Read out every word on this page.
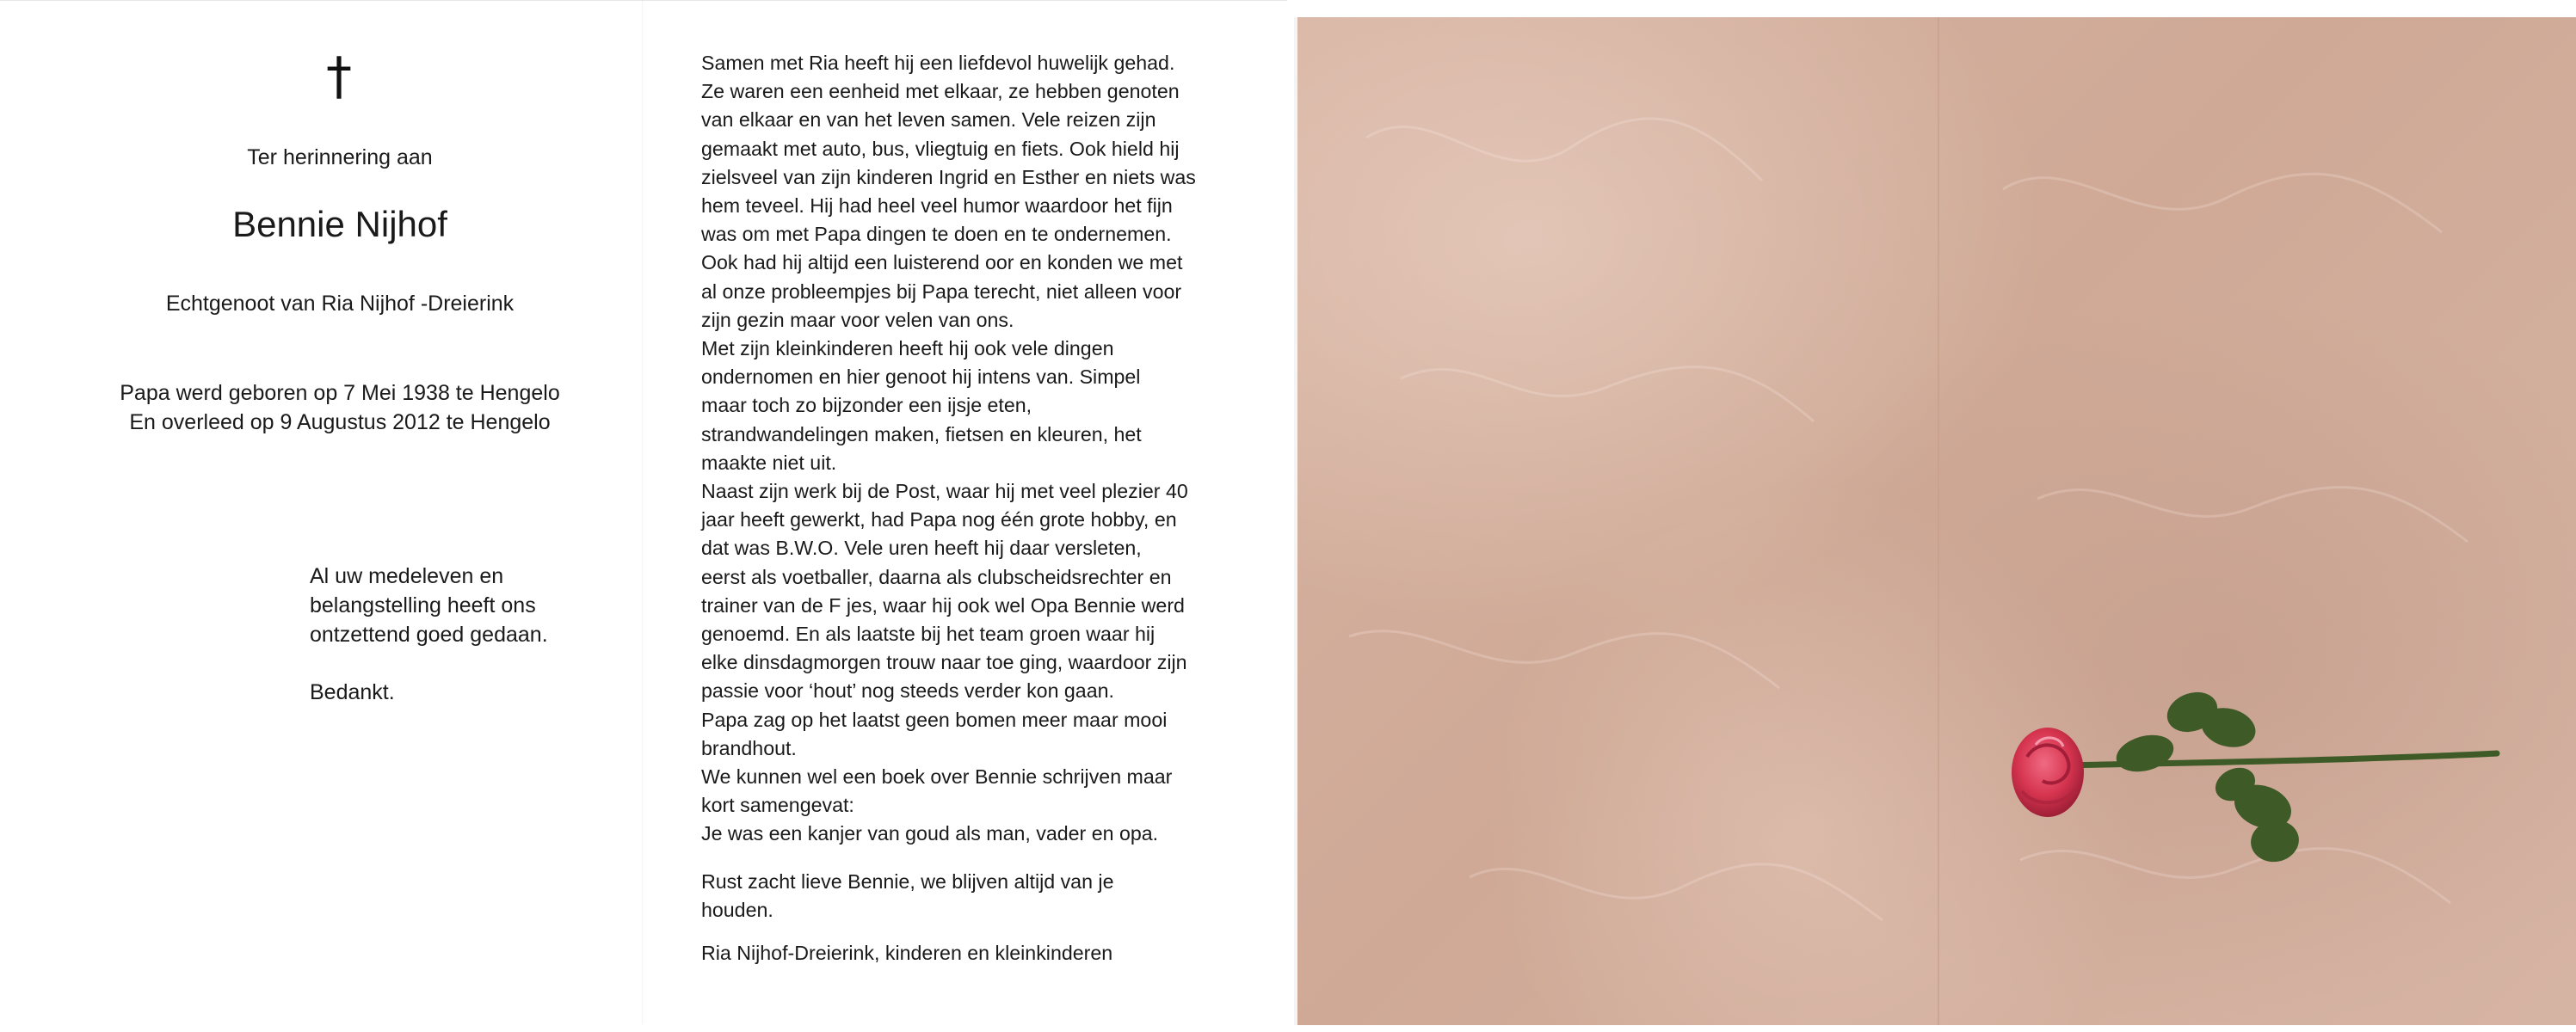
†
Ter herinnering aan
Bennie Nijhof
Echtgenoot van Ria Nijhof -Dreierink
Papa werd geboren op 7 Mei 1938 te Hengelo
En overleed op 9 Augustus 2012 te Hengelo
Al uw medeleven en
belangstelling heeft ons
ontzettend goed gedaan.
Bedankt.
Samen met Ria heeft hij een liefdevol huwelijk gehad.
Ze waren een eenheid met elkaar, ze hebben genoten
van elkaar en van het leven samen. Vele reizen zijn
gemaakt met auto, bus, vliegtuig en fiets. Ook hield hij
zielsveel van zijn kinderen Ingrid en Esther en niets was
hem teveel. Hij had heel veel humor waardoor het fijn
was om met Papa dingen te doen en te ondernemen.
Ook had hij altijd een luisterend oor en konden we met
al onze probleempjes bij Papa terecht, niet alleen voor
zijn gezin maar voor velen van ons.
Met zijn kleinkinderen heeft hij ook vele dingen
ondernomen en hier genoot hij intens van. Simpel
maar toch zo bijzonder een ijsje eten,
strandwandelingen maken, fietsen en kleuren, het
maakte niet uit.
Naast zijn werk bij de Post, waar hij met veel plezier 40
jaar heeft gewerkt, had Papa nog één grote hobby, en
dat was B.W.O. Vele uren heeft hij daar versleten,
eerst als voetballer, daarna als clubscheidsrechter en
trainer van de F jes, waar hij ook wel Opa Bennie werd
genoemd. En als laatste bij het team groen waar hij
elke dinsdagmorgen trouw naar toe ging, waardoor zijn
passie voor ‘hout’ nog steeds verder kon gaan.
Papa zag op het laatst geen bomen meer maar mooi
brandhout.
We kunnen wel een boek over Bennie schrijven maar
kort samengevat:
Je was een kanjer van goud als man, vader en opa.
Rust zacht lieve Bennie, we blijven altijd van je
houden.
Ria Nijhof-Dreierink, kinderen en kleinkinderen
